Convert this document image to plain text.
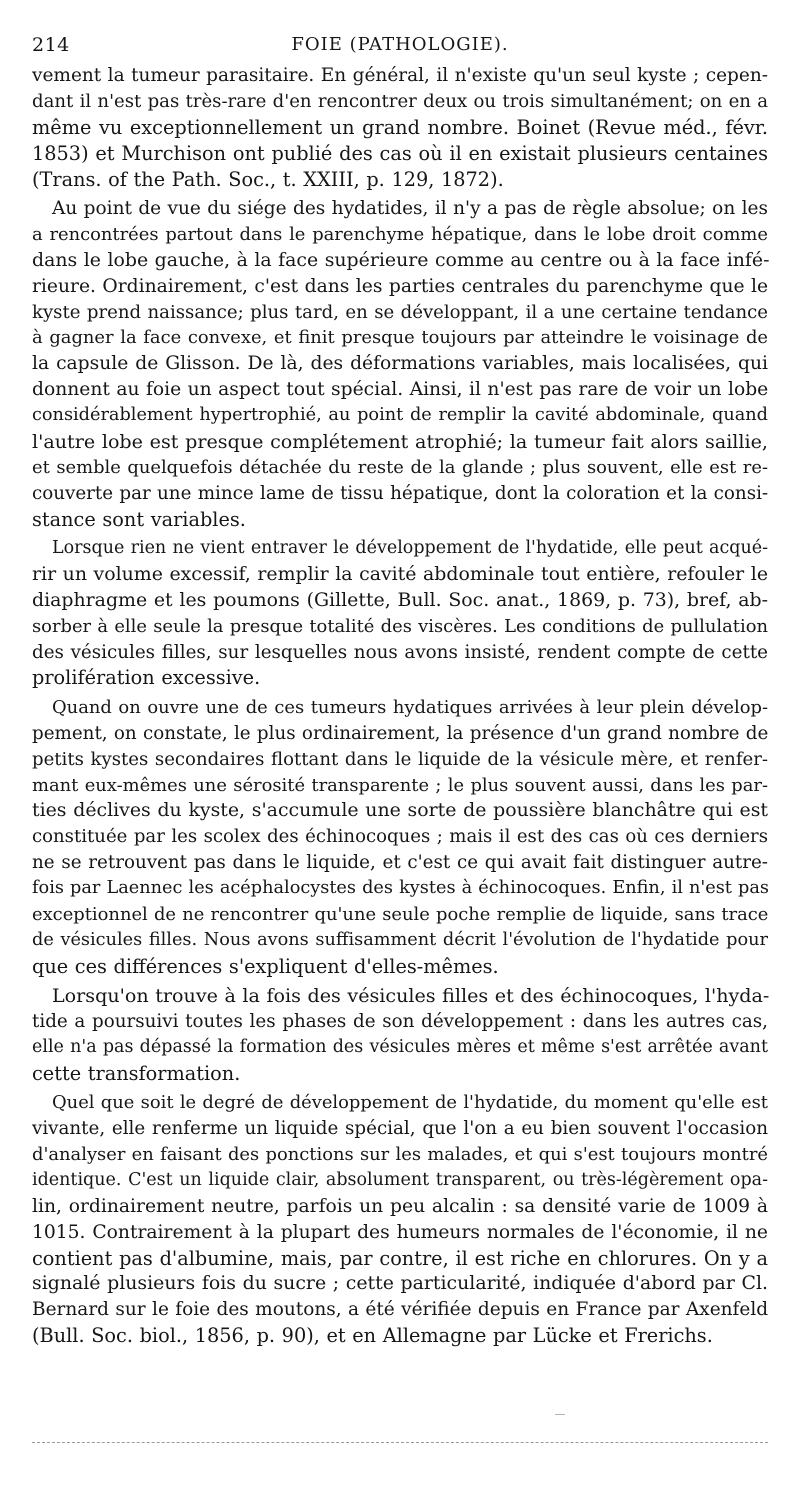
214	FOIE (PATHOLOGIE).
vement la tumeur parasitaire. En général, il n'existe qu'un seul kyste ; cepen-
dant il n'est pas très-rare d'en rencontrer deux ou trois simultanément; on en a
même vu exceptionnellement un grand nombre. Boinet (Revue méd., févr.
1853) et Murchison ont publié des cas où il en existait plusieurs centaines
(Trans. of the Path. Soc., t. XXIII, p. 129, 1872).
Au point de vue du siége des hydatides, il n'y a pas de règle absolue; on les
a rencontrées partout dans le parenchyme hépatique, dans le lobe droit comme
dans le lobe gauche, à la face supérieure comme au centre ou à la face infé-
rieure. Ordinairement, c'est dans les parties centrales du parenchyme que le
kyste prend naissance; plus tard, en se développant, il a une certaine tendance
à gagner la face convexe, et finit presque toujours par atteindre le voisinage de
la capsule de Glisson. De là, des déformations variables, mais localisées, qui
donnent au foie un aspect tout spécial. Ainsi, il n'est pas rare de voir un lobe
considérablement hypertrophié, au point de remplir la cavité abdominale, quand
l'autre lobe est presque complétement atrophié; la tumeur fait alors saillie,
et semble quelquefois détachée du reste de la glande ; plus souvent, elle est re-
couverte par une mince lame de tissu hépatique, dont la coloration et la consi-
stance sont variables.
Lorsque rien ne vient entraver le développement de l'hydatide, elle peut acqué-
rir un volume excessif, remplir la cavité abdominale tout entière, refouler le
diaphragme et les poumons (Gillette, Bull. Soc. anat., 1869, p. 73), bref, ab-
sorber à elle seule la presque totalité des viscères. Les conditions de pullulation
des vésicules filles, sur lesquelles nous avons insisté, rendent compte de cette
prolifération excessive.
Quand on ouvre une de ces tumeurs hydatiques arrivées à leur plein dévelop-
pement, on constate, le plus ordinairement, la présence d'un grand nombre de
petits kystes secondaires flottant dans le liquide de la vésicule mère, et renfer-
mant eux-mêmes une sérosité transparente ; le plus souvent aussi, dans les par-
ties déclives du kyste, s'accumule une sorte de poussière blanchâtre qui est
constituée par les scolex des échinocoques ; mais il est des cas où ces derniers
ne se retrouvent pas dans le liquide, et c'est ce qui avait fait distinguer autre-
fois par Laennec les acéphalocystes des kystes à échinocoques. Enfin, il n'est pas
exceptionnel de ne rencontrer qu'une seule poche remplie de liquide, sans trace
de vésicules filles. Nous avons suffisamment décrit l'évolution de l'hydatide pour
que ces différences s'expliquent d'elles-mêmes.
Lorsqu'on trouve à la fois des vésicules filles et des échinocoques, l'hyda-
tide a poursuivi toutes les phases de son développement : dans les autres cas,
elle n'a pas dépassé la formation des vésicules mères et même s'est arrêtée avant
cette transformation.
Quel que soit le degré de développement de l'hydatide, du moment qu'elle est
vivante, elle renferme un liquide spécial, que l'on a eu bien souvent l'occasion
d'analyser en faisant des ponctions sur les malades, et qui s'est toujours montré
identique. C'est un liquide clair, absolument transparent, ou très-légèrement opa-
lin, ordinairement neutre, parfois un peu alcalin : sa densité varie de 1009 à
1015. Contrairement à la plupart des humeurs normales de l'économie, il ne
contient pas d'albumine, mais, par contre, il est riche en chlorures. On y a
signalé plusieurs fois du sucre ; cette particularité, indiquée d'abord par Cl.
Bernard sur le foie des moutons, a été vérifiée depuis en France par Axenfeld
(Bull. Soc. biol., 1856, p. 90), et en Allemagne par Lücke et Frerichs.
